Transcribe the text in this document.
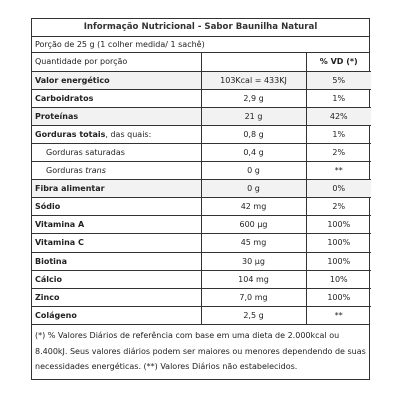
Informação Nutricional - Sabor Baunilha Natural
Porção de 25 g (1 colher medida/ 1 sachê)
Quantidade por porção		% VD (*)
Valor energético	103Kcal = 433KJ	5%
Carboidratos	2,9 g	1%
Proteínas	21 g	42%
Gorduras totais, das quais:	0,8 g	1%
Gorduras saturadas	0,4 g	2%
Gorduras trans	0 g	**
Fibra alimentar	0 g	0%
Sódio	42 mg	2%
Vitamina A	600 µg	100%
Vitamina C	45 mg	100%
Biotina	30 µg	100%
Cálcio	104 mg	10%
Zinco	7,0 mg	100%
Colágeno	2,5 g	**
(*) % Valores Diários de referência com base em uma dieta de 2.000kcal ou 8.400kJ. Seus valores diários podem ser maiores ou menores dependendo de suas necessidades energéticas. (**) Valores Diários não estabelecidos.
